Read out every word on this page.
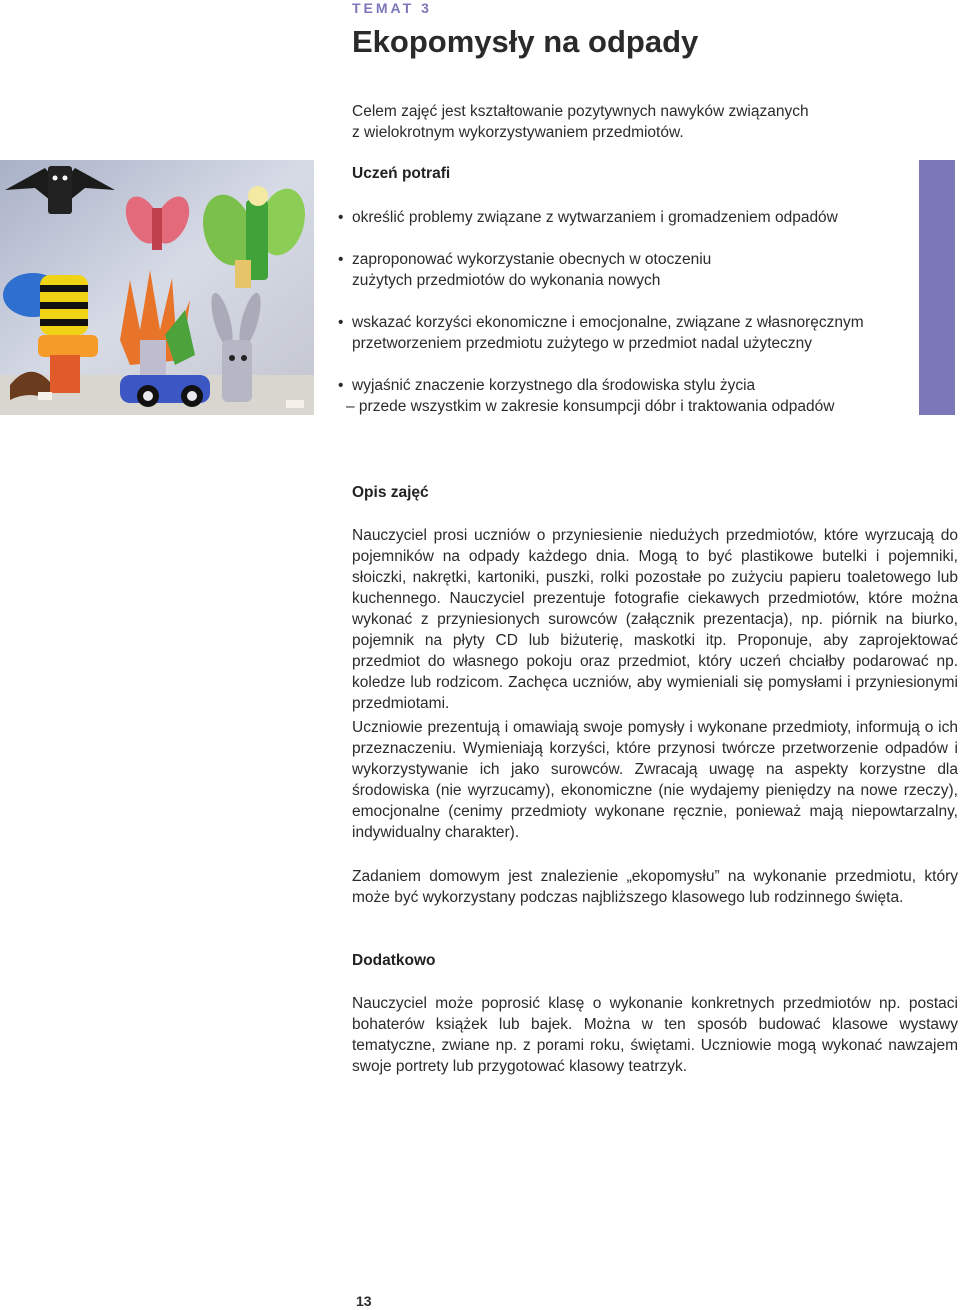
TEMAT 3
Ekopomysły na odpady

Celem zajęć jest kształtowanie pozytywnych nawyków związanych
z wielokrotnym wykorzystywaniem przedmiotów.

Uczeń potrafi
• określić problemy związane z wytwarzaniem i gromadzeniem odpadów
• zaproponować wykorzystanie obecnych w otoczeniu
zużytych przedmiotów do wykonania nowych
• wskazać korzyści ekonomiczne i emocjonalne, związane z własnoręcznym
przetworzeniem przedmiotu zużytego w przedmiot nadal użyteczny
• wyjaśnić znaczenie korzystnego dla środowiska stylu życia
– przede wszystkim w zakresie konsumpcji dóbr i traktowania odpadów
Opis zajęć

Nauczyciel prosi uczniów o przyniesienie niedużych przedmiotów, które wyrzucają do pojemników na odpady każdego dnia. Mogą to być plastikowe butelki i pojemniki, słoiczki, nakrętki, kartoniki, puszki, rolki pozostałe po zużyciu papieru toaletowego lub kuchennego. Nauczyciel prezentuje fotografie ciekawych przedmiotów, które można wykonać z przyniesionych surowców (załącznik prezentacja), np. piórnik na biurko, pojemnik na płyty CD lub biżuterię, maskotki itp. Proponuje, aby zaprojektować przedmiot do własnego pokoju oraz przedmiot, który uczeń chciałby podarować np. koledze lub rodzicom. Zachęca uczniów, aby wymieniali się pomysłami i przyniesionymi przedmiotami.

Uczniowie prezentują i omawiają swoje pomysły i wykonane przedmioty, informują o ich przeznaczeniu. Wymieniają korzyści, które przynosi twórcze przetworzenie odpadów i wykorzystywanie ich jako surowców. Zwracają uwagę na aspekty korzystne dla środowiska (nie wyrzucamy), ekonomiczne (nie wydajemy pieniędzy na nowe rzeczy), emocjonalne (cenimy przedmioty wykonane ręcznie, ponieważ mają niepowtarzalny, indywidualny charakter).

Zadaniem domowym jest znalezienie „ekopomysłu” na wykonanie przedmiotu, który może być wykorzystany podczas najbliższego klasowego lub rodzinnego święta.

Dodatkowo

Nauczyciel może poprosić klasę o wykonanie konkretnych przedmiotów np. postaci bohaterów książek lub bajek. Można w ten sposób budować klasowe wystawy tematyczne, zwiane np. z porami roku, świętami. Uczniowie mogą wykonać nawzajem swoje portrety lub przygotować klasowy teatrzyk.

13
